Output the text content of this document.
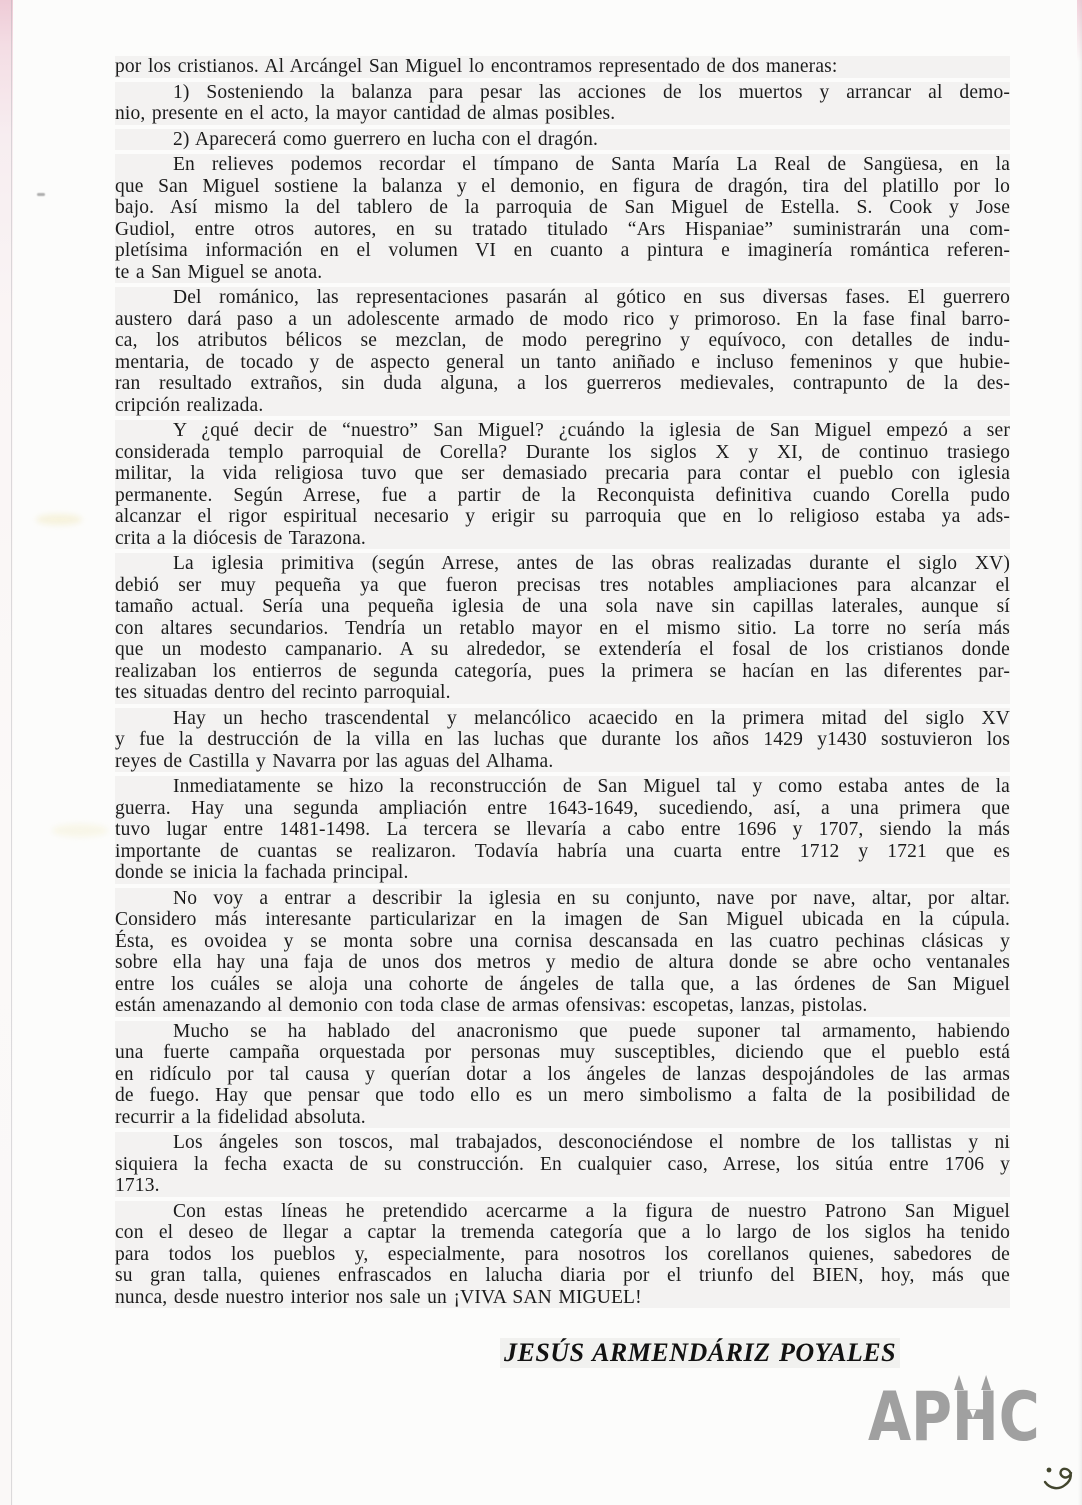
por los cristianos. Al Arcángel San Miguel lo encontramos representado de dos maneras:
1) Sosteniendo la balanza para pesar las acciones de los muertos y arrancar al demo-
nio, presente en el acto, la mayor cantidad de almas posibles.
2) Aparecerá como guerrero en lucha con el dragón.
En relieves podemos recordar el tímpano de Santa María La Real de Sangüesa, en la
que San Miguel sostiene la balanza y el demonio, en figura de dragón, tira del platillo por lo
bajo. Así mismo la del tablero de la parroquia de San Miguel de Estella. S. Cook y Jose
Gudiol, entre otros autores, en su tratado titulado “Ars Hispaniae” suministrarán una com-
pletísima información en el volumen VI en cuanto a pintura e imaginería romántica referen-
te a San Miguel se anota.
Del románico, las representaciones pasarán al gótico en sus diversas fases. El guerrero
austero dará paso a un adolescente armado de modo rico y primoroso. En la fase final barro-
ca, los atributos bélicos se mezclan, de modo peregrino y equívoco, con detalles de indu-
mentaria, de tocado y de aspecto general un tanto aniñado e incluso femeninos y que hubie-
ran resultado extraños, sin duda alguna, a los guerreros medievales, contrapunto de la des-
cripción realizada.
Y ¿qué decir de “nuestro” San Miguel? ¿cuándo la iglesia de San Miguel empezó a ser
considerada templo parroquial de Corella? Durante los siglos X y XI, de continuo trasiego
militar, la vida religiosa tuvo que ser demasiado precaria para contar el pueblo con iglesia
permanente. Según Arrese, fue a partir de la Reconquista definitiva cuando Corella pudo
alcanzar el rigor espiritual necesario y erigir su parroquia que en lo religioso estaba ya ads-
crita a la diócesis de Tarazona.
La iglesia primitiva (según Arrese, antes de las obras realizadas durante el siglo XV)
debió ser muy pequeña ya que fueron precisas tres notables ampliaciones para alcanzar el
tamaño actual. Sería una pequeña iglesia de una sola nave sin capillas laterales, aunque sí
con altares secundarios. Tendría un retablo mayor en el mismo sitio. La torre no sería más
que un modesto campanario. A su alrededor, se extendería el fosal de los cristianos donde
realizaban los entierros de segunda categoría, pues la primera se hacían en las diferentes par-
tes situadas dentro del recinto parroquial.
Hay un hecho trascendental y melancólico acaecido en la primera mitad del siglo XV
y fue la destrucción de la villa en las luchas que durante los años 1429 y1430 sostuvieron los
reyes de Castilla y Navarra por las aguas del Alhama.
Inmediatamente se hizo la reconstrucción de San Miguel tal y como estaba antes de la
guerra. Hay una segunda ampliación entre 1643-1649, sucediendo, así, a una primera que
tuvo lugar entre 1481-1498. La tercera se llevaría a cabo entre 1696 y 1707, siendo la más
importante de cuantas se realizaron. Todavía habría una cuarta entre 1712 y 1721 que es
donde se inicia la fachada principal.
No voy a entrar a describir la iglesia en su conjunto, nave por nave, altar, por altar.
Considero más interesante particularizar en la imagen de San Miguel ubicada en la cúpula.
Ésta, es ovoidea y se monta sobre una cornisa descansada en las cuatro pechinas clásicas y
sobre ella hay una faja de unos dos metros y medio de altura donde se abre ocho ventanales
entre los cuáles se aloja una cohorte de ángeles de talla que, a las órdenes de San Miguel
están amenazando al demonio con toda clase de armas ofensivas: escopetas, lanzas, pistolas.
Mucho se ha hablado del anacronismo que puede suponer tal armamento, habiendo
una fuerte campaña orquestada por personas muy susceptibles, diciendo que el pueblo está
en ridículo por tal causa y querían dotar a los ángeles de lanzas despojándoles de las armas
de fuego. Hay que pensar que todo ello es un mero simbolismo a falta de la posibilidad de
recurrir a la fidelidad absoluta.
Los ángeles son toscos, mal trabajados, desconociéndose el nombre de los tallistas y ni
siquiera la fecha exacta de su construcción. En cualquier caso, Arrese, los sitúa entre 1706 y
1713.
Con estas líneas he pretendido acercarme a la figura de nuestro Patrono San Miguel
con el deseo de llegar a captar la tremenda categoría que a lo largo de los siglos ha tenido
para todos los pueblos y, especialmente, para nosotros los corellanos quienes, sabedores de
su gran talla, quienes enfrascados en lalucha diaria por el triunfo del BIEN, hoy, más que
nunca, desde nuestro interior nos sale un ¡VIVA SAN MIGUEL!
JESÚS ARMENDÁRIZ POYALES
AP
HC
